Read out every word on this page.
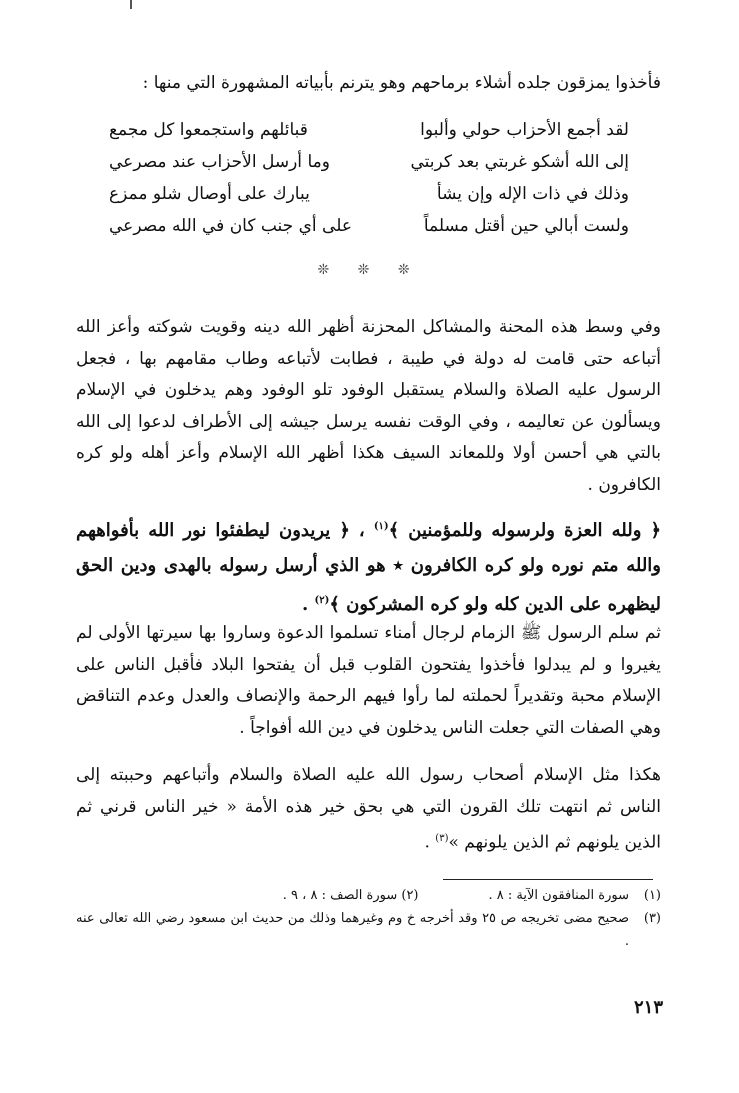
فأخذوا يمزقون جلده أشلاء برماحهم وهو يترنم بأبياته المشهورة التي منها :
لقد أجمع الأحزاب حولي وألبوا
قبائلهم واستجمعوا كل مجمع
إلى الله أشكو غربتي بعد كربتي
وما أرسل الأحزاب عند مصرعي
وذلك في ذات الإله وإن يشأ
يبارك على أوصال شلو ممزع
ولست أبالي حين أقتل مسلماً
على أي جنب كان في الله مصرعي
❊ ❊ ❊
وفي وسط هذه المحنة والمشاكل المحزنة أظهر الله دينه وقويت شوكته وأعز الله أتباعه حتى قامت له دولة في طيبة ، فطابت لأتباعه وطاب مقامهم بها ، فجعل الرسول عليه الصلاة والسلام يستقبل الوفود تلو الوفود وهم يدخلون في الإسلام ويسألون عن تعاليمه ، وفي الوقت نفسه يرسل جيشه إلى الأطراف لدعوا إلى الله بالتي هي أحسن أولا وللمعاند السيف هكذا أظهر الله الإسلام وأعز أهله ولو كره الكافرون .
﴿ ولله العزة ولرسوله وللمؤمنين ﴾$^{(١)}$ ، ﴿ يريدون ليطفئوا نور الله بأفواههم والله متم نوره ولو كره الكافرون ٭ هو الذي أرسل رسوله بالهدى ودين الحق ليظهره على الدين كله ولو كره المشركون ﴾$^{(٢)}$ .
ثم سلم الرسول ﷺ الزمام لرجال أمناء تسلموا الدعوة وساروا بها سيرتها الأولى لم يغيروا و لم يبدلوا فأخذوا يفتحون القلوب قبل أن يفتحوا البلاد فأقبل الناس على الإسلام محبة وتقديراً لحملته لما رأوا فيهم الرحمة والإنصاف والعدل وعدم التناقض وهي الصفات التي جعلت الناس يدخلون في دين الله أفواجاً .
هكذا مثل الإسلام أصحاب رسول الله عليه الصلاة والسلام وأتباعهم وحببته إلى الناس ثم انتهت تلك القرون التي هي بحق خير هذه الأمة « خير الناس قرني ثم الذين يلونهم ثم الذين يلونهم »$^{(٣)}$ .
(١)
سورة المنافقون الآية : ٨ .(٢) سورة الصف : ٨ ، ٩ .
(٣)
صحيح مضى تخريجه ص ٢٥ وقد أخرجه خ وم وغيرهما وذلك من حديث ابن مسعود رضي الله تعالى عنه .
٢١٣
